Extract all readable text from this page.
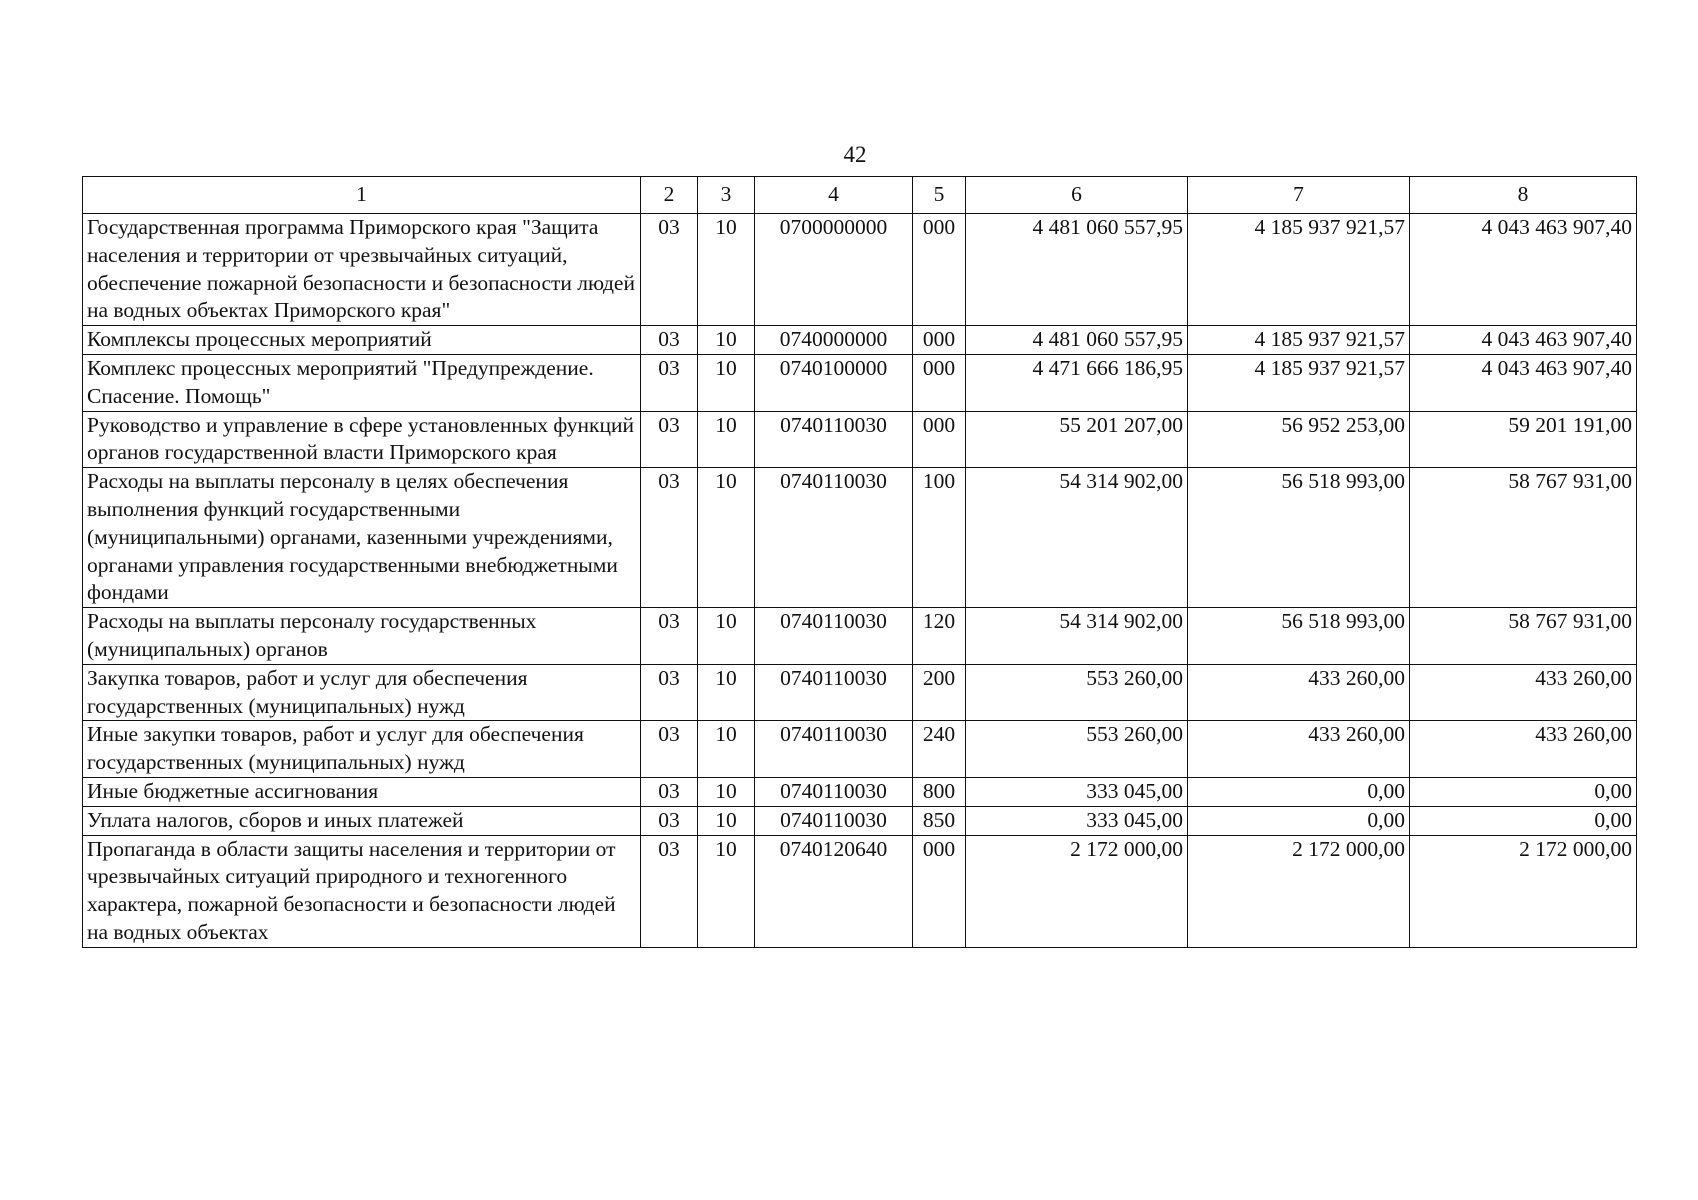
42
1	2	3	4	5	6	7	8
Государственная программа Приморского края "Защита населения и территории от чрезвычайных ситуаций, обеспечение пожарной безопасности и безопасности людей на водных объектах Приморского края"	03	10	0700000000	000	4 481 060 557,95	4 185 937 921,57	4 043 463 907,40
Комплексы процессных мероприятий	03	10	0740000000	000	4 481 060 557,95	4 185 937 921,57	4 043 463 907,40
Комплекс процессных мероприятий "Предупреждение. Спасение. Помощь"	03	10	0740100000	000	4 471 666 186,95	4 185 937 921,57	4 043 463 907,40
Руководство и управление в сфере установленных функций органов государственной власти Приморского края	03	10	0740110030	000	55 201 207,00	56 952 253,00	59 201 191,00
Расходы на выплаты персоналу в целях обеспечения выполнения функций государственными (муниципальными) органами, казенными учреждениями, органами управления государственными внебюджетными фондами	03	10	0740110030	100	54 314 902,00	56 518 993,00	58 767 931,00
Расходы на выплаты персоналу государственных (муниципальных) органов	03	10	0740110030	120	54 314 902,00	56 518 993,00	58 767 931,00
Закупка товаров, работ и услуг для обеспечения государственных (муниципальных) нужд	03	10	0740110030	200	553 260,00	433 260,00	433 260,00
Иные закупки товаров, работ и услуг для обеспечения государственных (муниципальных) нужд	03	10	0740110030	240	553 260,00	433 260,00	433 260,00
Иные бюджетные ассигнования	03	10	0740110030	800	333 045,00	0,00	0,00
Уплата налогов, сборов и иных платежей	03	10	0740110030	850	333 045,00	0,00	0,00
Пропаганда в области защиты населения и территории от чрезвычайных ситуаций природного и техногенного характера, пожарной безопасности и безопасности людей на водных объектах	03	10	0740120640	000	2 172 000,00	2 172 000,00	2 172 000,00
